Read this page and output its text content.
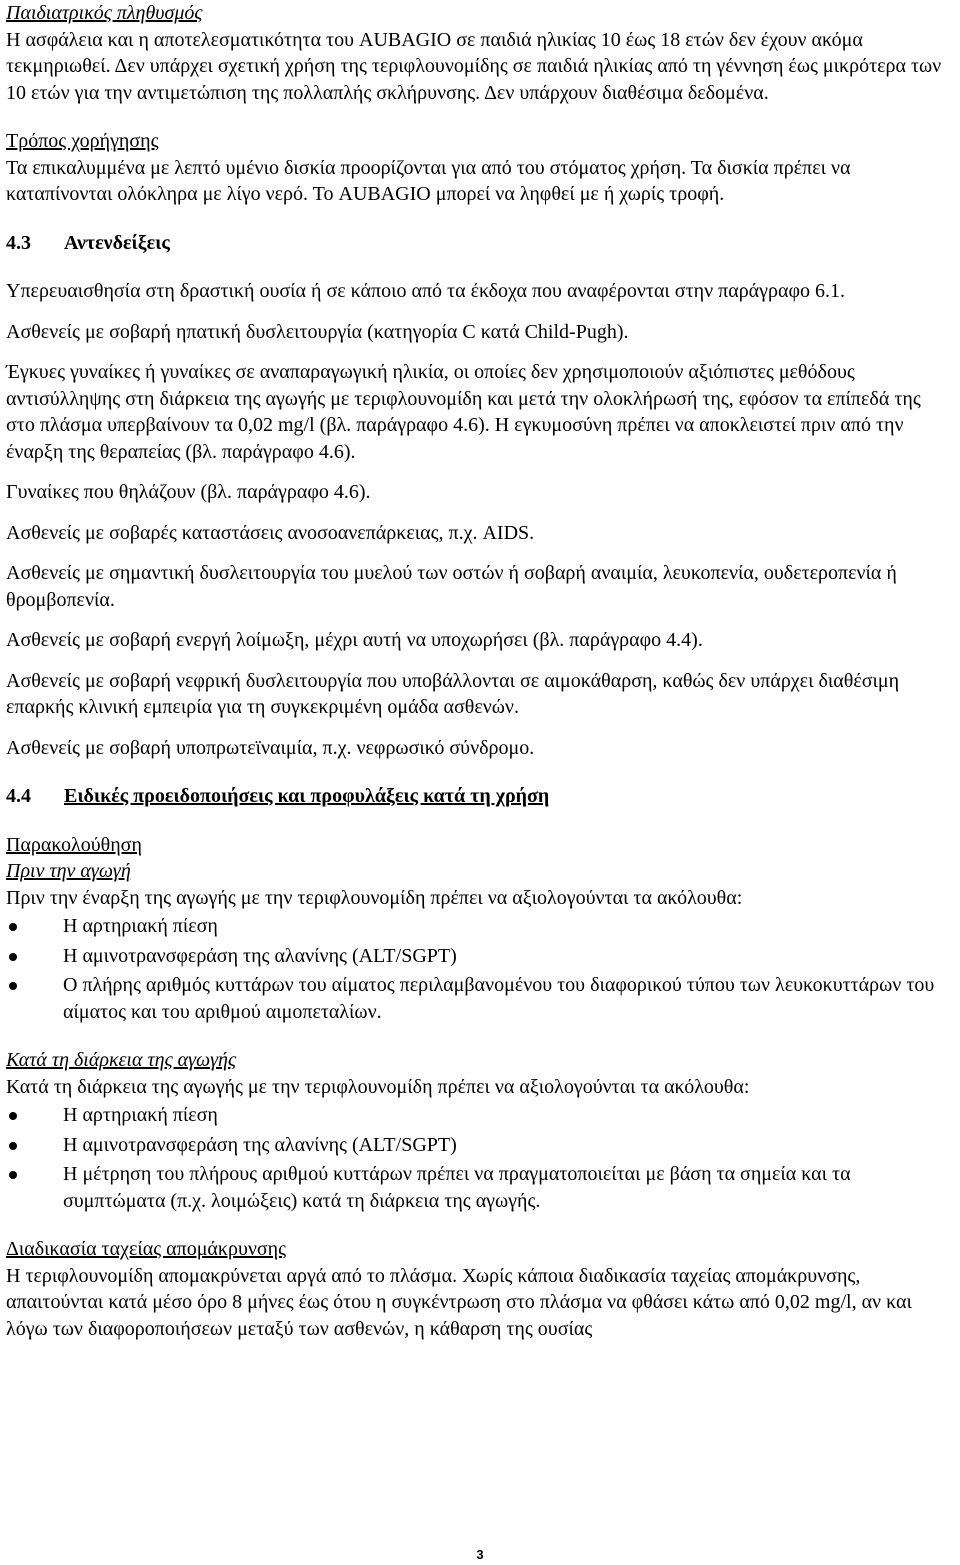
Παιδιατρικός πληθυσμός

Η ασφάλεια και η αποτελεσματικότητα του AUBAGIO σε παιδιά ηλικίας 10 έως 18 ετών δεν έχουν ακόμα τεκμηριωθεί. Δεν υπάρχει σχετική χρήση της τεριφλουνομίδης σε παιδιά ηλικίας από τη γέννηση έως μικρότερα των 10 ετών για την αντιμετώπιση της πολλαπλής σκλήρυνσης. Δεν υπάρχουν διαθέσιμα δεδομένα.

Τρόπος χορήγησης

Τα επικαλυμμένα με λεπτό υμένιο δισκία προορίζονται για από του στόματος χρήση. Τα δισκία πρέπει να καταπίνονται ολόκληρα με λίγο νερό. Το AUBAGIO μπορεί να ληφθεί με ή χωρίς τροφή.

4.3	Αντενδείξεις

Υπερευαισθησία στη δραστική ουσία ή σε κάποιο από τα έκδοχα που αναφέρονται στην παράγραφο 6.1.

Ασθενείς με σοβαρή ηπατική δυσλειτουργία (κατηγορία C κατά Child-Pugh).

Έγκυες γυναίκες ή γυναίκες σε αναπαραγωγική ηλικία, οι οποίες δεν χρησιμοποιούν αξιόπιστες μεθόδους αντισύλληψης στη διάρκεια της αγωγής με τεριφλουνομίδη και μετά την ολοκλήρωσή της, εφόσον τα επίπεδά της στο πλάσμα υπερβαίνουν τα 0,02 mg/l (βλ. παράγραφο 4.6). Η εγκυμοσύνη πρέπει να αποκλειστεί πριν από την έναρξη της θεραπείας (βλ. παράγραφο 4.6).

Γυναίκες που θηλάζουν (βλ. παράγραφο 4.6).

Ασθενείς με σοβαρές καταστάσεις ανοσοανεπάρκειας, π.χ. AIDS.

Ασθενείς με σημαντική δυσλειτουργία του μυελού των οστών ή σοβαρή αναιμία, λευκοπενία, ουδετεροπενία ή θρομβοπενία.

Ασθενείς με σοβαρή ενεργή λοίμωξη, μέχρι αυτή να υποχωρήσει (βλ. παράγραφο 4.4).

Ασθενείς με σοβαρή νεφρική δυσλειτουργία που υποβάλλονται σε αιμοκάθαρση, καθώς δεν υπάρχει διαθέσιμη επαρκής κλινική εμπειρία για τη συγκεκριμένη ομάδα ασθενών.

Ασθενείς με σοβαρή υποπρωτεϊναιμία, π.χ. νεφρωσικό σύνδρομο.

4.4	Ειδικές προειδοποιήσεις και προφυλάξεις κατά τη χρήση

Παρακολούθηση

Πριν την αγωγή

Πριν την έναρξη της αγωγής με την τεριφλουνομίδη πρέπει να αξιολογούνται τα ακόλουθα:

Η αρτηριακή πίεση
Η αμινοτρανσφεράση της αλανίνης (ALT/SGPT)
Ο πλήρης αριθμός κυττάρων του αίματος περιλαμβανομένου του διαφορικού τύπου των λευκοκυττάρων του αίματος και του αριθμού αιμοπεταλίων.

Κατά τη διάρκεια της αγωγής

Κατά τη διάρκεια της αγωγής με την τεριφλουνομίδη πρέπει να αξιολογούνται τα ακόλουθα:

Η αρτηριακή πίεση
Η αμινοτρανσφεράση της αλανίνης (ALT/SGPT)
Η μέτρηση του πλήρους αριθμού κυττάρων πρέπει να πραγματοποιείται με βάση τα σημεία και τα συμπτώματα (π.χ. λοιμώξεις) κατά τη διάρκεια της αγωγής.

Διαδικασία ταχείας απομάκρυνσης

Η τεριφλουνομίδη απομακρύνεται αργά από το πλάσμα. Χωρίς κάποια διαδικασία ταχείας απομάκρυνσης, απαιτούνται κατά μέσο όρο 8 μήνες έως ότου η συγκέντρωση στο πλάσμα να φθάσει κάτω από 0,02 mg/l, αν και λόγω των διαφοροποιήσεων μεταξύ των ασθενών, η κάθαρση της ουσίας

3
